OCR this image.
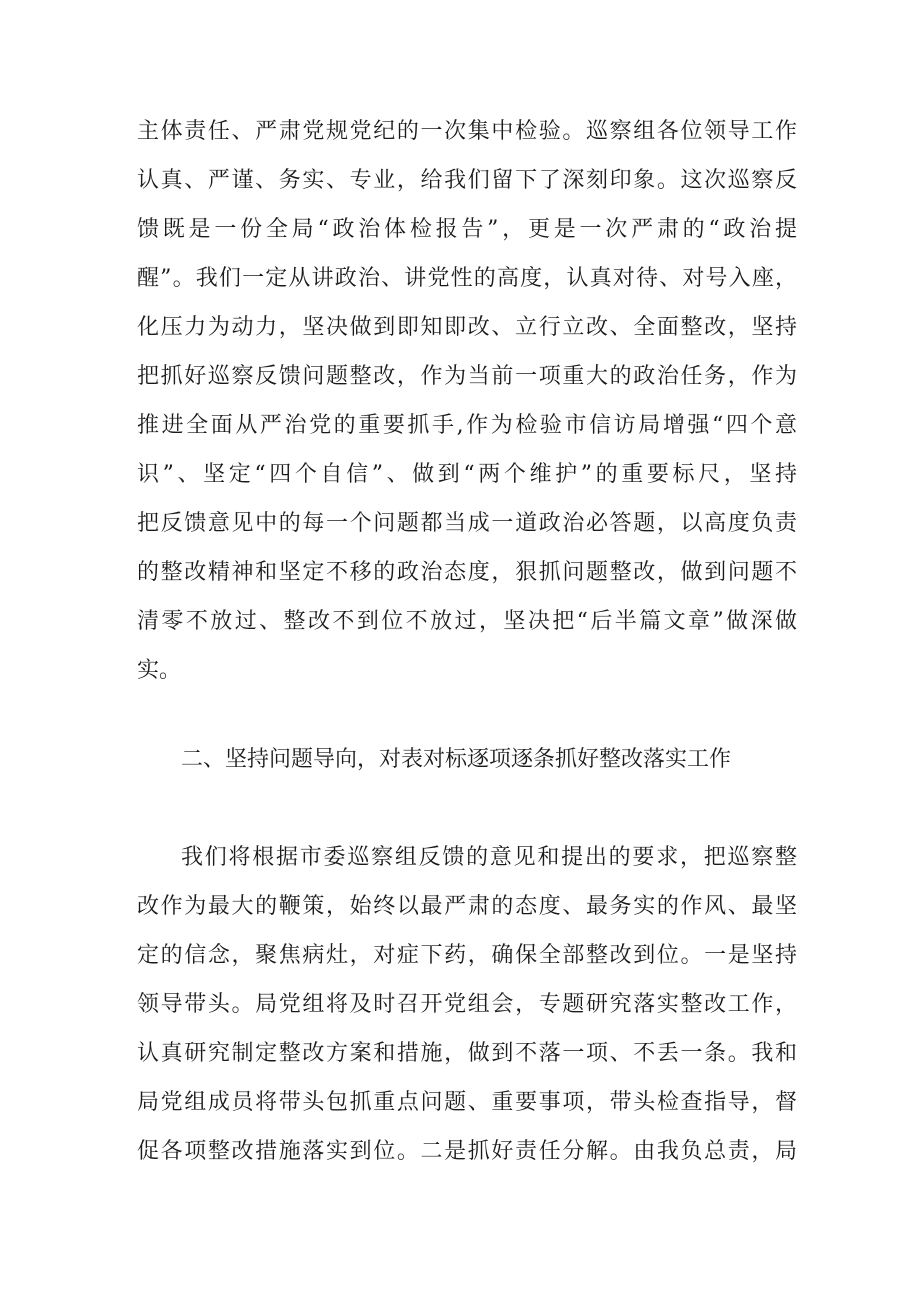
主体责任、严肃党规党纪的一次集中检验。巡察组各位领导工作
认真、严谨、务实、专业，给我们留下了深刻印象。这次巡察反
馈既是一份全局“政治体检报告”，更是一次严肃的“政治提
醒”。我们一定从讲政治、讲党性的高度，认真对待、对号入座，
化压力为动力，坚决做到即知即改、立行立改、全面整改，坚持
把抓好巡察反馈问题整改，作为当前一项重大的政治任务，作为
推进全面从严治党的重要抓手,作为检验市信访局增强“四个意
识”、坚定“四个自信”、做到“两个维护”的重要标尺，坚持
把反馈意见中的每一个问题都当成一道政治必答题，以高度负责
的整改精神和坚定不移的政治态度，狠抓问题整改，做到问题不
清零不放过、整改不到位不放过，坚决把“后半篇文章”做深做
实。
二、坚持问题导向，对表对标逐项逐条抓好整改落实工作
我们将根据市委巡察组反馈的意见和提出的要求，把巡察整
改作为最大的鞭策，始终以最严肃的态度、最务实的作风、最坚
定的信念，聚焦病灶，对症下药，确保全部整改到位。一是坚持
领导带头。局党组将及时召开党组会，专题研究落实整改工作，
认真研究制定整改方案和措施，做到不落一项、不丢一条。我和
局党组成员将带头包抓重点问题、重要事项，带头检查指导，督
促各项整改措施落实到位。二是抓好责任分解。由我负总责，局
